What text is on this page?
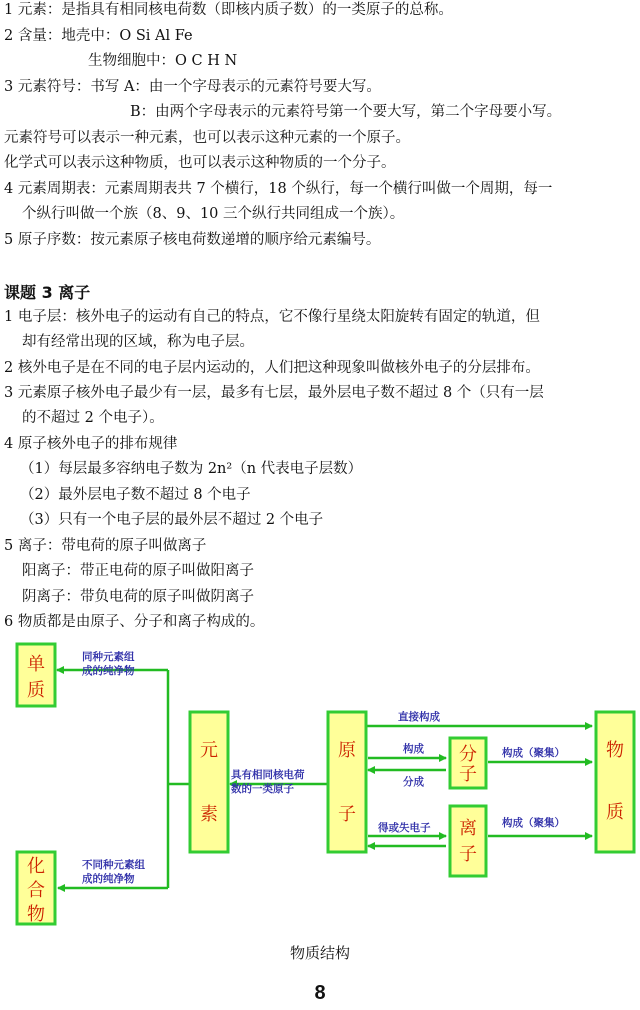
1 元素：是指具有相同核电荷数（即核内质子数）的一类原子的总称。
2 含量：地壳中：O Si Al Fe
生物细胞中：O C H N
3 元素符号：书写 A：由一个字母表示的元素符号要大写。
B：由两个字母表示的元素符号第一个要大写，第二个字母要小写。
元素符号可以表示一种元素，也可以表示这种元素的一个原子。
化学式可以表示这种物质，也可以表示这种物质的一个分子。
4 元素周期表：元素周期表共 7 个横行，18 个纵行，每一个横行叫做一个周期，每一
个纵行叫做一个族（8、9、10 三个纵行共同组成一个族）。
5 原子序数：按元素原子核电荷数递增的顺序给元素编号。
课题 3 离子
1 电子层：核外电子的运动有自己的特点，它不像行星绕太阳旋转有固定的轨道，但
却有经常出现的区域，称为电子层。
2 核外电子是在不同的电子层内运动的，人们把这种现象叫做核外电子的分层排布。
3 元素原子核外电子最少有一层，最多有七层，最外层电子数不超过 8 个（只有一层
的不超过 2 个电子）。
4 原子核外电子的排布规律
（1）每层最多容纳电子数为 2n²（n 代表电子层数）
（2）最外层电子数不超过 8 个电子
（3）只有一个电子层的最外层不超过 2 个电子
5 离子：带电荷的原子叫做离子
阳离子：带正电荷的原子叫做阳离子
阴离子：带负电荷的原子叫做阴离子
6 物质都是由原子、分子和离子构成的。
单质
化合物
元素
原子
分子
离子
物质
同种元素组
成的纯净物
不同种元素组
成的纯净物
具有相同核电荷
数的一类原子
直接构成
构成
分成
得或失电子
构成（聚集）
构成（聚集）
物质结构
8
